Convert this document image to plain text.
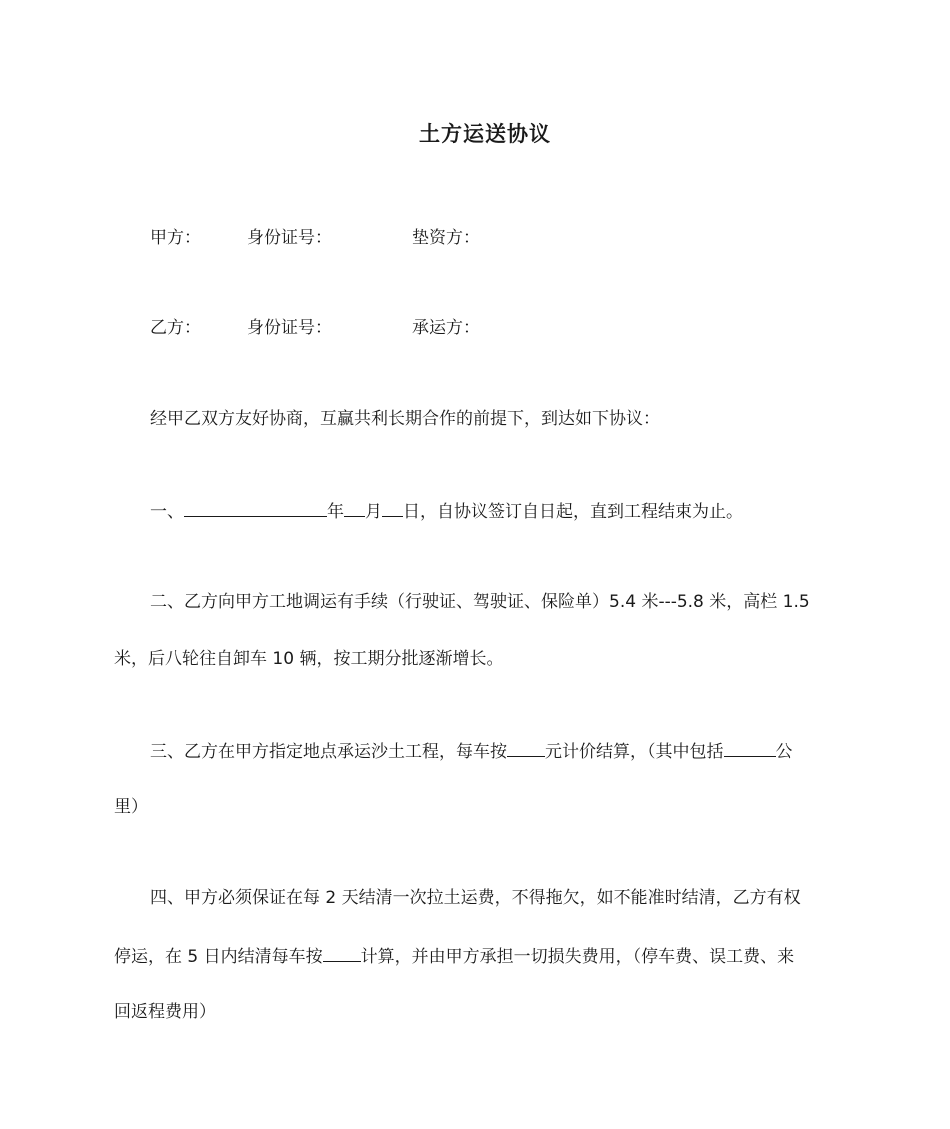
土方运送协议
甲方：	身份证号：	垫资方：
乙方：	身份证号：	承运方：
经甲乙双方友好协商，互赢共利长期合作的前提下，到达如下协议：
一、	年 月 日，自协议签订自日起，直到工程结束为止。
二、乙方向甲方工地调运有手续（行驶证、驾驶证、保险单）5.4 米---5.8 米，高栏 1.5
米，后八轮往自卸车 10 辆，按工期分批逐渐增长。
三、乙方在甲方指定地点承运沙土工程，每车按 元计价结算，（其中包括	公
里）
四、甲方必须保证在每 2 天结清一次拉土运费，不得拖欠，如不能准时结清，乙方有权
停运，在 5 日内结清每车按 计算，并由甲方承担一切损失费用，（停车费、误工费、来
回返程费用）
